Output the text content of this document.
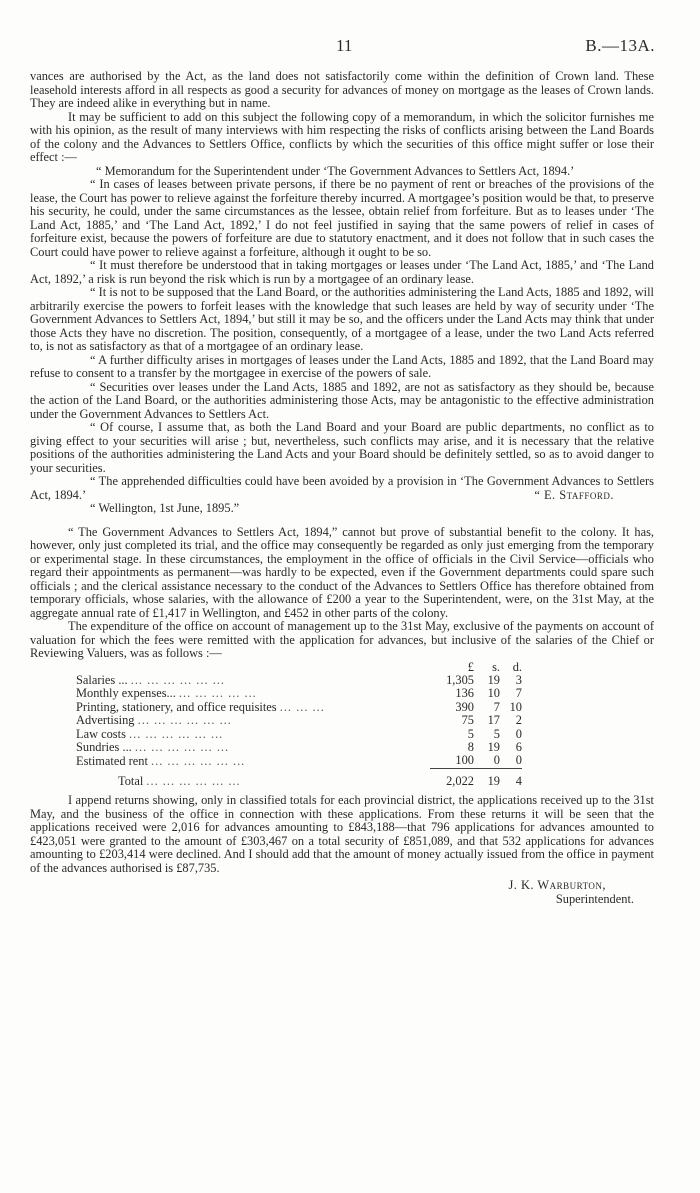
11	B.—13A.

vances are authorised by the Act, as the land does not satisfactorily come within the definition of Crown land. These leasehold interests afford in all respects as good a security for advances of money on mortgage as the leases of Crown lands. They are indeed alike in everything but in name.

It may be sufficient to add on this subject the following copy of a memorandum, in which the solicitor furnishes me with his opinion, as the result of many interviews with him respecting the risks of conflicts arising between the Land Boards of the colony and the Advances to Settlers Office, conflicts by which the securities of this office might suffer or lose their effect :—

“ Memorandum for the Superintendent under ‘The Government Advances to Settlers Act, 1894.’

“ In cases of leases between private persons, if there be no payment of rent or breaches of the provisions of the lease, the Court has power to relieve against the forfeiture thereby incurred. A mortgagee’s position would be that, to preserve his security, he could, under the same circumstances as the lessee, obtain relief from forfeiture. But as to leases under ‘The Land Act, 1885,’ and ‘The Land Act, 1892,’ I do not feel justified in saying that the same powers of relief in cases of forfeiture exist, because the powers of forfeiture are due to statutory enactment, and it does not follow that in such cases the Court could have power to relieve against a forfeiture, although it ought to be so.

“ It must therefore be understood that in taking mortgages or leases under ‘The Land Act, 1885,’ and ‘The Land Act, 1892,’ a risk is run beyond the risk which is run by a mortgagee of an ordinary lease.

“ It is not to be supposed that the Land Board, or the authorities administering the Land Acts, 1885 and 1892, will arbitrarily exercise the powers to forfeit leases with the knowledge that such leases are held by way of security under ‘The Government Advances to Settlers Act, 1894,’ but still it may be so, and the officers under the Land Acts may think that under those Acts they have no discretion. The position, consequently, of a mortgagee of a lease, under the two Land Acts referred to, is not as satisfactory as that of a mortgagee of an ordinary lease.

“ A further difficulty arises in mortgages of leases under the Land Acts, 1885 and 1892, that the Land Board may refuse to consent to a transfer by the mortgagee in exercise of the powers of sale.

“ Securities over leases under the Land Acts, 1885 and 1892, are not as satisfactory as they should be, because the action of the Land Board, or the authorities administering those Acts, may be antagonistic to the effective administration under the Government Advances to Settlers Act.

“ Of course, I assume that, as both the Land Board and your Board are public departments, no conflict as to giving effect to your securities will arise ; but, nevertheless, such conflicts may arise, and it is necessary that the relative positions of the authorities administering the Land Acts and your Board should be definitely settled, so as to avoid danger to your securities.

“ The apprehended difficulties could have been avoided by a provision in ‘The Government Advances to Settlers Act, 1894.’	“ E. Stafford.

“ Wellington, 1st June, 1895.”

“ The Government Advances to Settlers Act, 1894,” cannot but prove of substantial benefit to the colony. It has, however, only just completed its trial, and the office may consequently be regarded as only just emerging from the temporary or experimental stage. In these circumstances, the employment in the office of officials in the Civil Service—officials who regard their appointments as permanent—was hardly to be expected, even if the Government departments could spare such officials ; and the clerical assistance necessary to the conduct of the Advances to Settlers Office has therefore obtained from temporary officials, whose salaries, with the allowance of £200 a year to the Superintendent, were, on the 31st May, at the aggregate annual rate of £1,417 in Wellington, and £452 in other parts of the colony.

The expenditure of the office on account of management up to the 31st May, exclusive of the payments on account of valuation for which the fees were remitted with the application for advances, but inclusive of the salaries of the Chief or Reviewing Valuers, was as follows :—

	£	s.	d.
Salaries ... ... ... ... ... ... ...	1,305	19	3
Monthly expenses... ... ... ... ... ...	136	10	7
Printing, stationery, and office requisites ... ... ...	390	7	10
Advertising ... ... ... ... ... ...	75	17	2
Law costs ... ... ... ... ... ...	5	5	0
Sundries ... ... ... ... ... ... ...	8	19	6
Estimated rent ... ... ... ... ... ...	100	0	0
Total ... ... ... ... ... ...	2,022	19	4

I append returns showing, only in classified totals for each provincial district, the applications received up to the 31st May, and the business of the office in connection with these applications. From these returns it will be seen that the applications received were 2,016 for advances amounting to £843,188—that 796 applications for advances amounted to £423,051 were granted to the amount of £303,467 on a total security of £851,089, and that 532 applications for advances amounting to £203,414 were declined. And I should add that the amount of money actually issued from the office in payment of the advances authorised is £87,735.

J. K. Warburton,
Superintendent.
